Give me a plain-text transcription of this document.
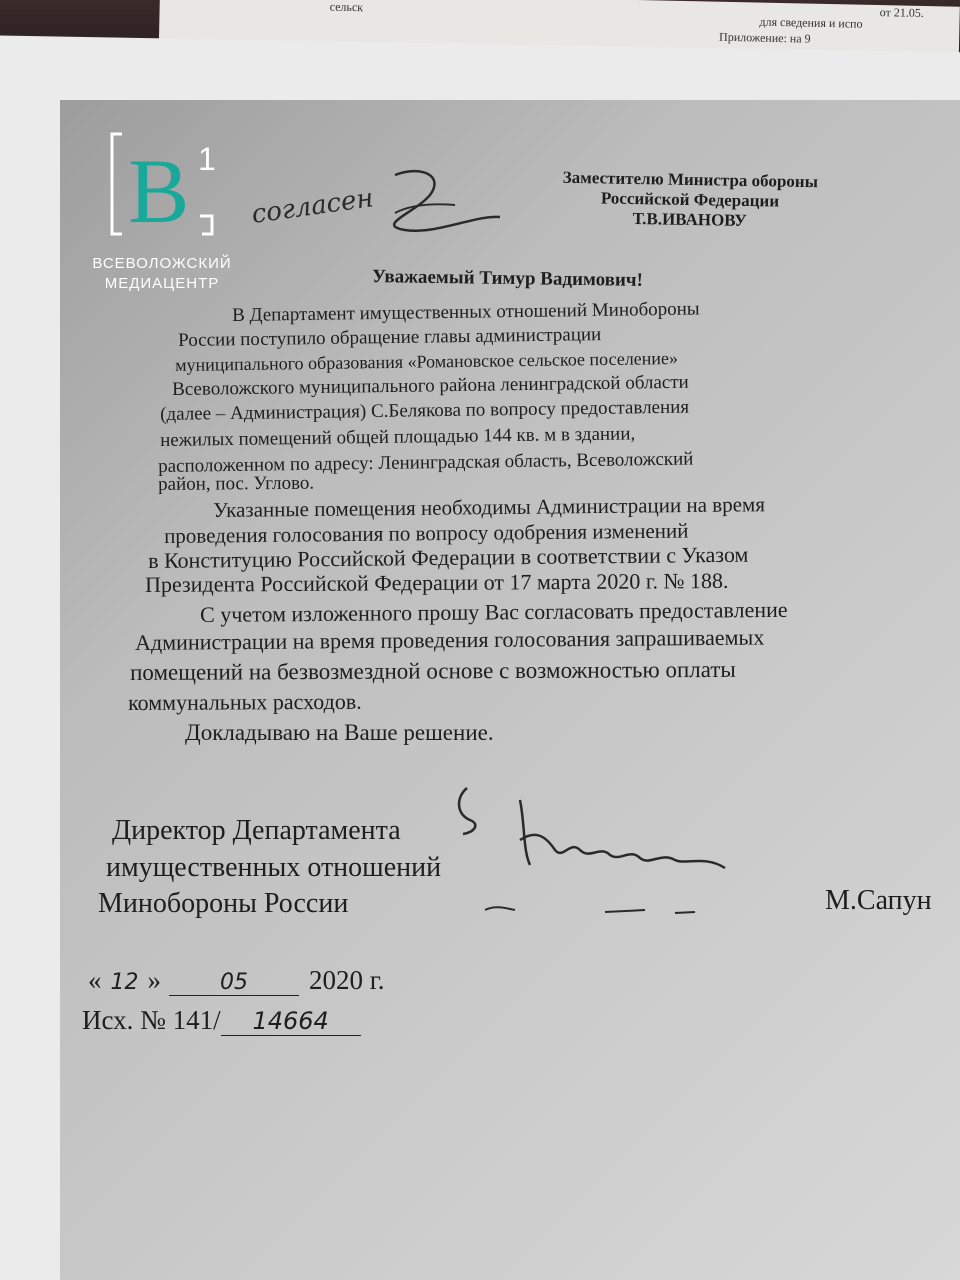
сельск
Приложение: на 9
для сведения и испо
от 21.05.
B 1
ВСЕВОЛОЖСКИЙ
МЕДИАЦЕНТР
согласен
Заместителю Министра обороны
Российской Федерации
Т.В.ИВАНОВУ
Уважаемый Тимур Вадимович!
В Департамент имущественных отношений Минобороны
России поступило обращение главы администрации
муниципального образования «Романовское сельское поселение»
Всеволожского муниципального района ленинградской области
(далее – Администрация) С.Белякова по вопросу предоставления
нежилых помещений общей площадью 144 кв. м в здании,
расположенном по адресу: Ленинградская область, Всеволожский
район, пос. Углово.
Указанные помещения необходимы Администрации на время
проведения голосования по вопросу одобрения изменений
в Конституцию Российской Федерации в соответствии с Указом
Президента Российской Федерации от 17 марта 2020 г. № 188.
С учетом изложенного прошу Вас согласовать предоставление
Администрации на время проведения голосования запрашиваемых
помещений на безвозмездной основе с возможностью оплаты
коммунальных расходов.
Докладываю на Ваше решение.
Директор Департамента
имущественных отношений
Минобороны России	М.Сапун
« 12 »	05 2020 г.
Исх. № 141/ 14664
